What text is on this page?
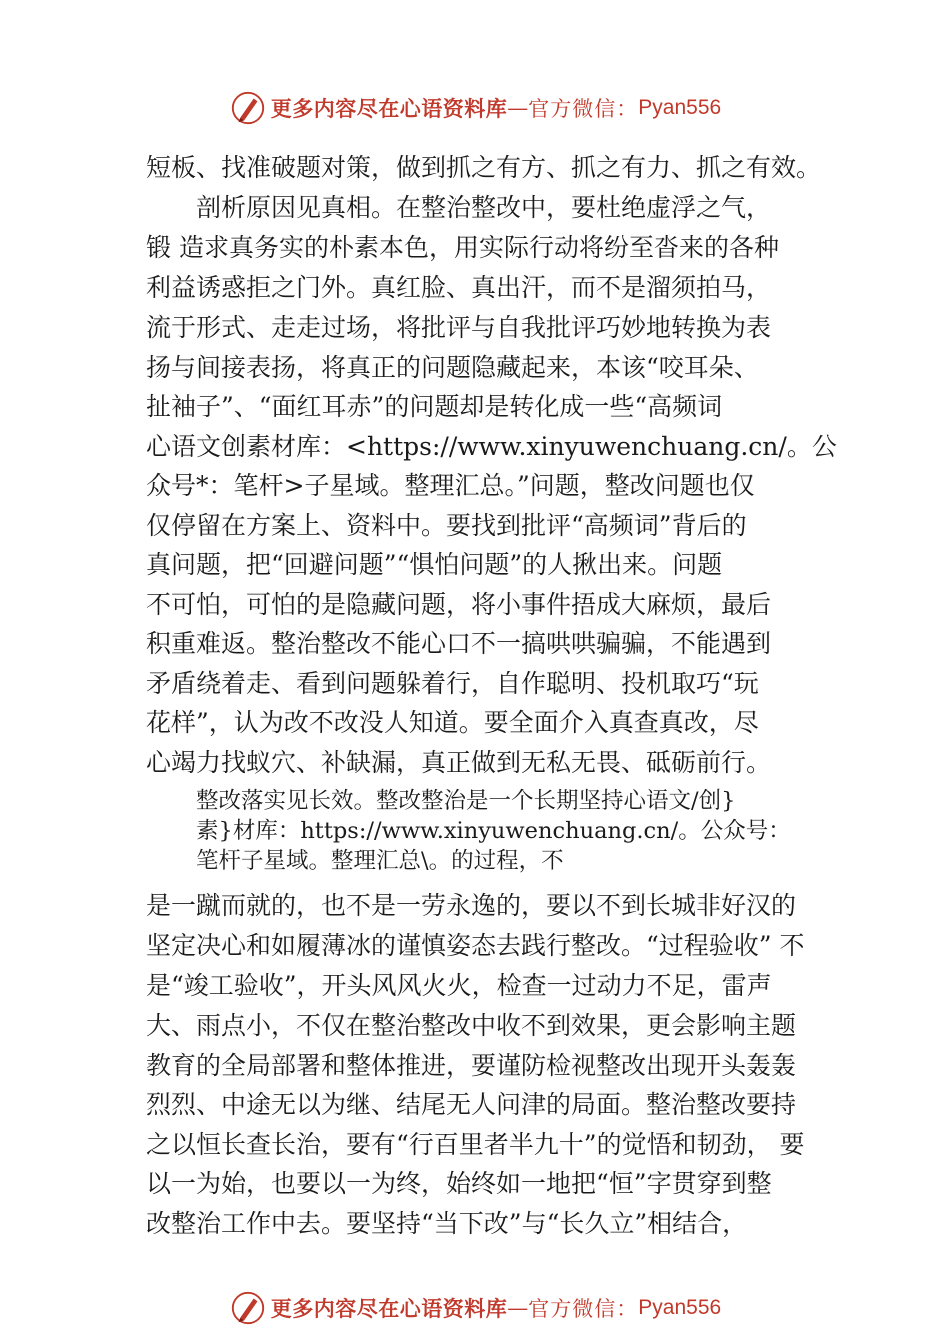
更多内容尽在心语资料库 — 官方微信： Pyan556
短板、找准破题对策，做到抓之有方、抓之有力、抓之有效。
　　剖析原因见真相。在整治整改中，要杜绝虚浮之气，
锻 造求真务实的朴素本色，用实际行动将纷至沓来的各种
利益诱惑拒之门外。真红脸、真出汗，而不是溜须拍马，
流于形式、走走过场，将批评与自我批评巧妙地转换为表
扬与间接表扬，将真正的问题隐藏起来，本该“咬耳朵、
扯袖子”、“面红耳赤”的问题却是转化成一些“高频词
心语文创素材库：<https://www.xinyuwenchuang.cn/。公
众号*：笔杆>子星域。整理汇总。”问题，整改问题也仅
仅停留在方案上、资料中。要找到批评“高频词”背后的
真问题，把“回避问题”“惧怕问题”的人揪出来。问题
不可怕，可怕的是隐藏问题，将小事件捂成大麻烦，最后
积重难返。整治整改不能心口不一搞哄哄骗骗，不能遇到
矛盾绕着走、看到问题躲着行，自作聪明、投机取巧“玩
花样”，认为改不改没人知道。要全面介入真查真改，尽
心竭力找蚁穴、补缺漏，真正做到无私无畏、砥砺前行。
整改落实见长效。整改整治是一个长期坚持心语文/创}
素}材库：https://www.xinyuwenchuang.cn/。公众号：
笔杆子星域。整理汇总\。的过程，不
是一蹴而就的，也不是一劳永逸的，要以不到长城非好汉的
坚定决心和如履薄冰的谨慎姿态去践行整改。“过程验收” 不
是“竣工验收”，开头风风火火，检查一过动力不足，雷声
大、雨点小，不仅在整治整改中收不到效果，更会影响主题
教育的全局部署和整体推进，要谨防检视整改出现开头轰轰
烈烈、中途无以为继、结尾无人问津的局面。整治整改要持
之以恒长查长治，要有“行百里者半九十”的觉悟和韧劲， 要
以一为始，也要以一为终，始终如一地把“恒”字贯穿到整
改整治工作中去。要坚持“当下改”与“长久立”相结合，
更多内容尽在心语资料库 — 官方微信： Pyan556
